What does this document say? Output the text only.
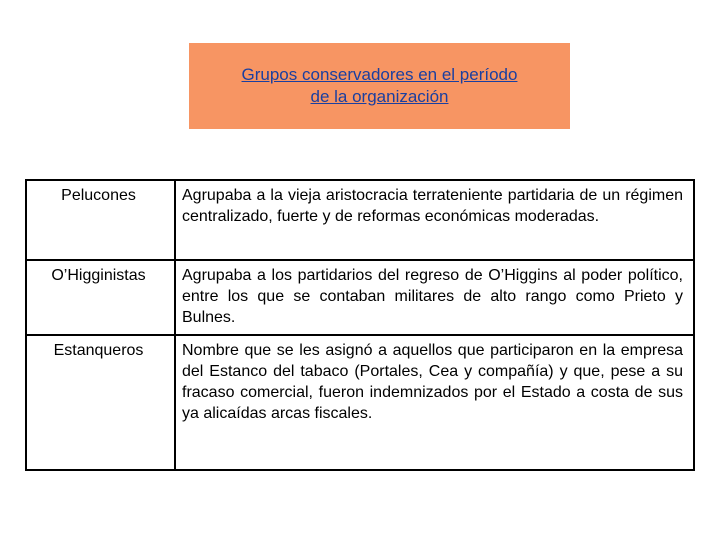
Grupos conservadores en el período
de la organización
Pelucones	Agrupaba a la vieja aristocracia terrateniente partidaria de un régimen centralizado, fuerte y de reformas económicas moderadas.
O’Higginistas	Agrupaba a los partidarios del regreso de O’Higgins al poder político, entre los que se contaban militares de alto rango como Prieto y Bulnes.
Estanqueros	Nombre que se les asignó a aquellos que participaron en la empresa del Estanco del tabaco (Portales, Cea y compañía) y que, pese a su fracaso comercial, fueron indemnizados por el Estado a costa de sus ya alicaídas arcas fiscales.
